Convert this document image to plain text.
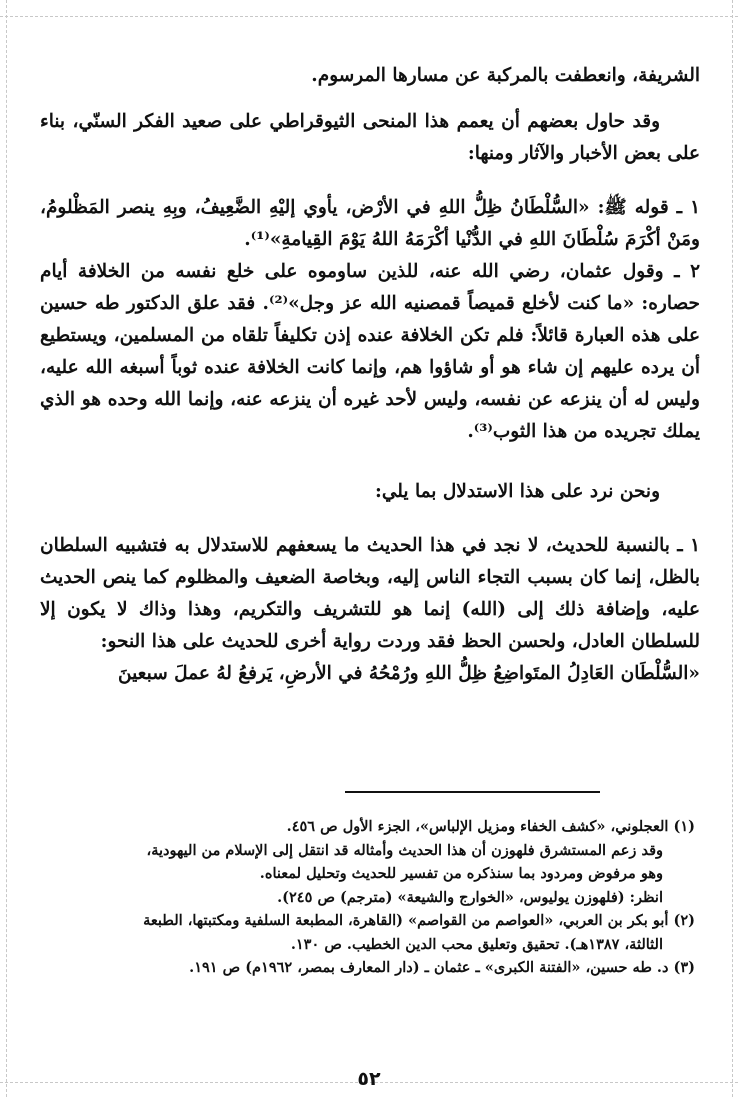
الشريفة، وانعطفت بالمركبة عن مسارها المرسوم.

وقد حاول بعضهم أن يعمم هذا المنحى الثيوقراطي على صعيد الفكر السنّي، بناء على بعض الأخبار والآثار ومنها:

١ ـ قوله ﷺ: «السُّلْطَانُ ظِلُّ اللهِ في الأرْض، يأوي إليْهِ الضَّعِيفُ، وبِهِ ينصر المَظْلومُ، ومَنْ أكْرَمَ سُلْطَانَ اللهِ في الدُّنْيا أكْرَمَهُ اللهُ يَوْمَ القِيامةِ»⁽¹⁾.

٢ ـ وقول عثمان، رضي الله عنه، للذين ساوموه على خلع نفسه من الخلافة أيام حصاره: «ما كنت لأخلع قميصاً قمصنيه الله عز وجل»⁽²⁾. فقد علق الدكتور طه حسين على هذه العبارة قائلاً: فلم تكن الخلافة عنده إذن تكليفاً تلقاه من المسلمين، ويستطيع أن يرده عليهم إن شاء هو أو شاؤوا هم، وإنما كانت الخلافة عنده ثوباً أسبغه الله عليه، وليس له أن ينزعه عن نفسه، وليس لأحد غيره أن ينزعه عنه، وإنما الله وحده هو الذي يملك تجريده من هذا الثوب⁽³⁾.

ونحن نرد على هذا الاستدلال بما يلي:

١ ـ بالنسبة للحديث، لا نجد في هذا الحديث ما يسعفهم للاستدلال به فتشبيه السلطان بالظل، إنما كان بسبب التجاء الناس إليه، وبخاصة الضعيف والمظلوم كما ينص الحديث عليه، وإضافة ذلك إلى (الله) إنما هو للتشريف والتكريم، وهذا وذاك لا يكون إلا للسلطان العادل، ولحسن الحظ فقد وردت رواية أخرى للحديث على هذا النحو:

«السُّلْطَان العَادِلُ المتَواضِعُ ظِلُّ اللهِ ورُمْحُهُ في الأرضِ، يَرفعُ لهُ عملَ سبعينَ

(١) العجلوني، «كشف الخفاء ومزيل الإلباس»، الجزء الأول ص ٤٥٦.

وقد زعم المستشرق فلهوزن أن هذا الحديث وأمثاله قد انتقل إلى الإسلام من اليهودية،

وهو مرفوض ومردود بما سنذكره من تفسير للحديث وتحليل لمعناه.

انظر: (فلهوزن يوليوس، «الخوارج والشيعة» (مترجم) ص ٢٤٥).

(٢) أبو بكر بن العربي، «العواصم من القواصم» (القاهرة، المطبعة السلفية ومكتبتها، الطبعة

الثالثة، ١٣٨٧هـ). تحقيق وتعليق محب الدين الخطيب. ص ١٣٠.

(٣) د. طه حسين، «الفتنة الكبرى» ـ عثمان ـ (دار المعارف بمصر، ١٩٦٢م) ص ١٩١.

٥٢
